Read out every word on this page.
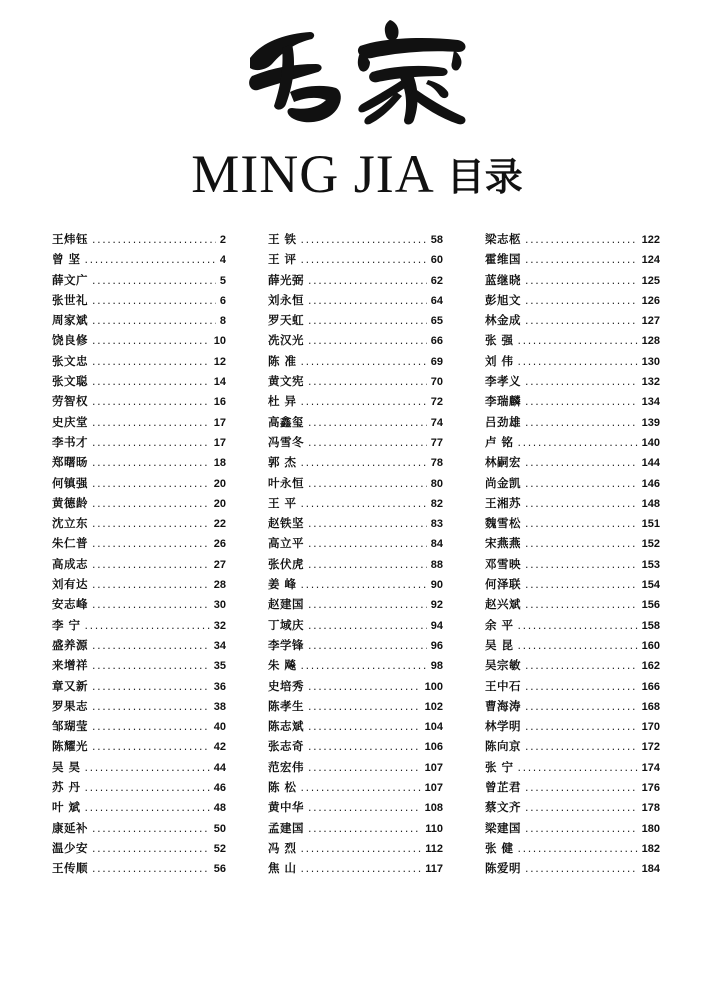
MING JIA 目录
王炜钰 .....	2
曾 坚 .....	4
薛文广 .....	5
张世礼 .....	6
周家斌 .....	8
饶良修 .....	10
张文忠 .....	12
张文聪 .....	14
劳智权 .....	16
史庆堂 .....	17
李书才 .....	17
郑曙旸 .....	18
何镇强 .....	20
黄德龄 .....	20
沈立东 .....	22
朱仁普 .....	26
高成志 .....	27
刘有达 .....	28
安志峰 .....	30
李 宁 .....	32
盛养源 .....	34
来增祥 .....	35
章又新 .....	36
罗果志 .....	38
邹瑚莹 .....	40
陈耀光 .....	42
吴 昊 .....	44
苏 丹 .....	46
叶 斌 .....	48
康延补 .....	50
温少安 .....	52
王传顺 .....	56
王 铁 .....	58
王 评 .....	60
薛光弼 .....	62
刘永恒 .....	64
罗天虹 .....	65
冼汉光 .....	66
陈 准 .....	69
黄文宪 .....	70
杜 异 .....	72
高鑫玺 .....	74
冯雪冬 .....	77
郭 杰 .....	78
叶永恒 .....	80
王 平 .....	82
赵铁坚 .....	83
高立平 .....	84
张伏虎 .....	88
姜 峰 .....	90
赵建国 .....	92
丁域庆 .....	94
李学锋 .....	96
朱 飚 .....	98
史培秀 .....	100
陈孝生 .....	102
陈志斌 .....	104
张志奇 .....	106
范宏伟 .....	107
陈 松 .....	107
黄中华 .....	108
孟建国 .....	110
冯 烈 .....	112
焦 山 .....	117
梁志柩 .....	122
霍维国 .....	124
蓝继晓 .....	125
彭旭文 .....	126
林金成 .....	127
张 强 .....	128
刘 伟 .....	130
李孝义 .....	132
李瑞麟 .....	134
吕劲雄 .....	139
卢 铭 .....	140
林嗣宏 .....	144
尚金凯 .....	146
王湘苏 .....	148
魏雪松 .....	151
宋燕燕 .....	152
邓雪映 .....	153
何泽联 .....	154
赵兴斌 .....	156
余 平 .....	158
吴 昆 .....	160
吴宗敏 .....	162
王中石 .....	166
曹海涛 .....	168
林学明 .....	170
陈向京 .....	172
张 宁 .....	174
曾芷君 .....	176
蔡文齐 .....	178
梁建国 .....	180
张 健 .....	182
陈爱明 .....	184
